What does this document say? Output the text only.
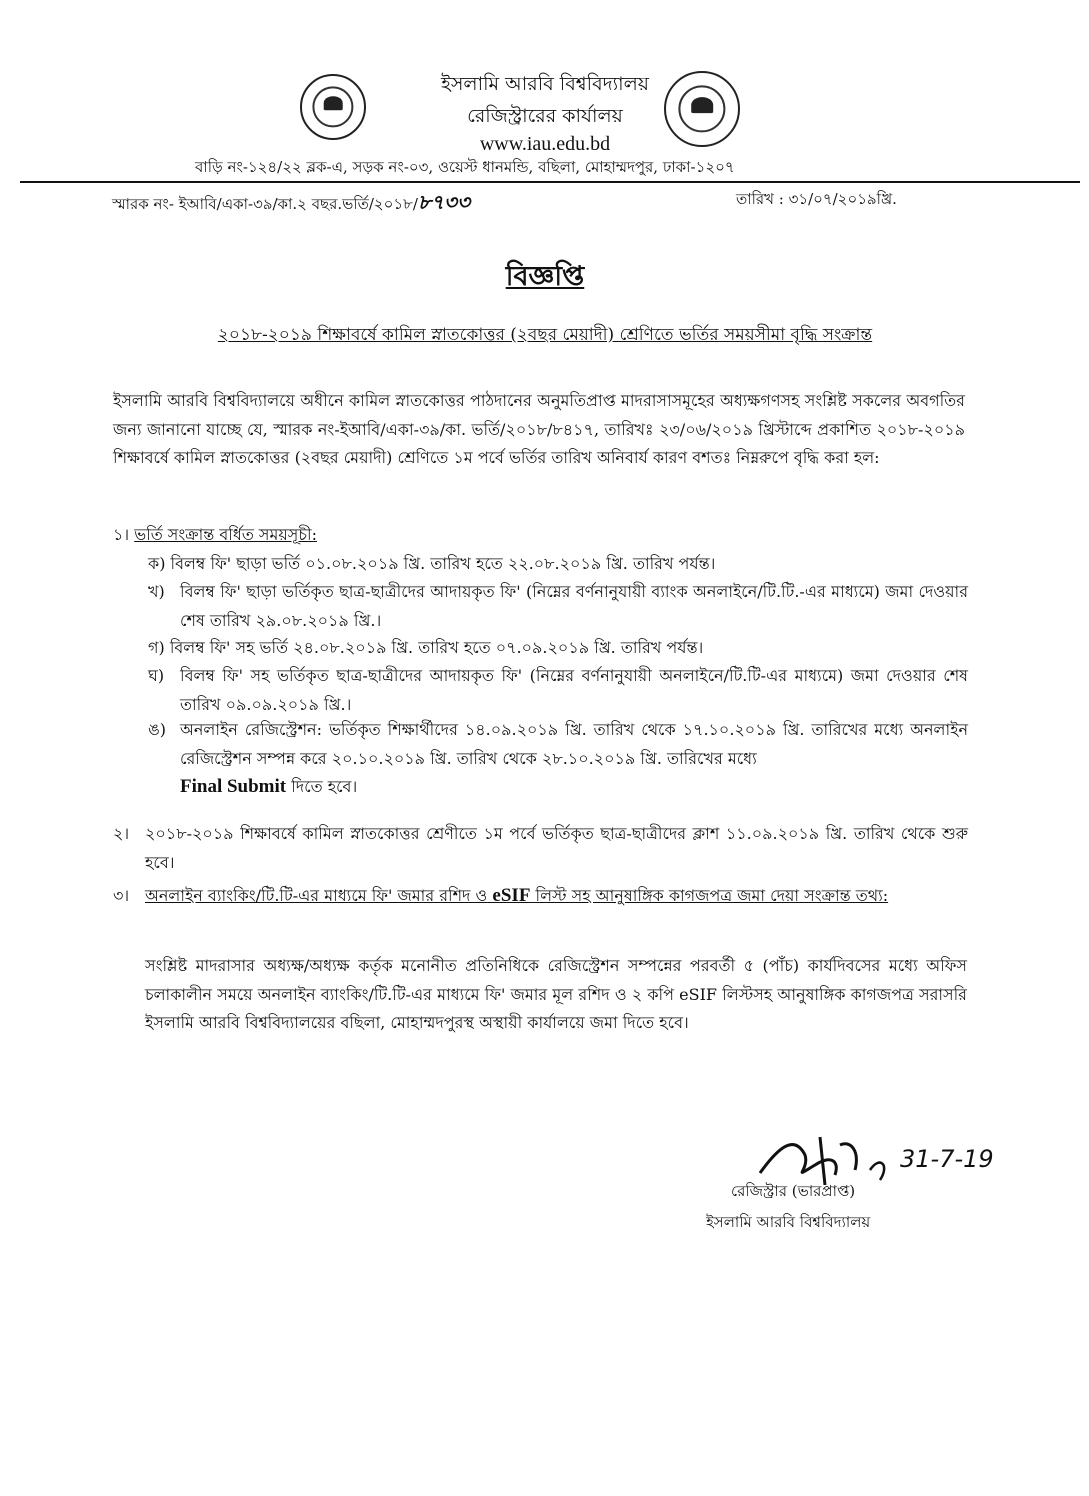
ইসলামি আরবি বিশ্ববিদ্যালয়
রেজিস্ট্রারের কার্যালয়
www.iau.edu.bd
বাড়ি নং-১২৪/২২ ব্লক-এ, সড়ক নং-০৩, ওয়েস্ট ধানমন্ডি, বছিলা, মোহাম্মদপুর, ঢাকা-১২০৭
স্মারক নং- ইআবি/একা-৩৯/কা.২ বছর.ভর্তি/২০১৮/৮৭৩৩	তারিখ : ৩১/০৭/২০১৯খ্রি.
বিজ্ঞপ্তি
২০১৮-২০১৯ শিক্ষাবর্ষে কামিল স্নাতকোত্তর (২বছর মেয়াদী) শ্রেণিতে ভর্তির সময়সীমা বৃদ্ধি সংক্রান্ত
ইসলামি আরবি বিশ্ববিদ্যালয়ে অধীনে কামিল স্নাতকোত্তর পাঠদানের অনুমতিপ্রাপ্ত মাদরাসাসমূহের অধ্যক্ষগণসহ সংশ্লিষ্ট সকলের অবগতির জন্য জানানো যাচ্ছে যে, স্মারক নং-ইআবি/একা-৩৯/কা. ভর্তি/২০১৮/৮৪১৭, তারিখঃ ২৩/০৬/২০১৯ খ্রিস্টাব্দে প্রকাশিত ২০১৮-২০১৯ শিক্ষাবর্ষে কামিল স্নাতকোত্তর (২বছর মেয়াদী) শ্রেণিতে ১ম পর্বে ভর্তির তারিখ অনিবার্য কারণ বশতঃ নিম্নরুপে বৃদ্ধি করা হল:
১। ভর্তি সংক্রান্ত বর্ধিত সময়সূচী:
ক) বিলম্ব ফি' ছাড়া ভর্তি ০১.০৮.২০১৯ খ্রি. তারিখ হতে ২২.০৮.২০১৯ খ্রি. তারিখ পর্যন্ত।
খ) বিলম্ব ফি' ছাড়া ভর্তিকৃত ছাত্র-ছাত্রীদের আদায়কৃত ফি' (নিম্নের বর্ণনানুযায়ী ব্যাংক অনলাইনে/টি.টি.-এর মাধ্যমে) জমা দেওয়ার শেষ তারিখ ২৯.০৮.২০১৯ খ্রি.।
গ) বিলম্ব ফি' সহ ভর্তি ২৪.০৮.২০১৯ খ্রি. তারিখ হতে ০৭.০৯.২০১৯ খ্রি. তারিখ পর্যন্ত।
ঘ) বিলম্ব ফি' সহ ভর্তিকৃত ছাত্র-ছাত্রীদের আদায়কৃত ফি' (নিম্নের বর্ণনানুযায়ী অনলাইনে/টি.টি-এর মাধ্যমে) জমা দেওয়ার শেষ তারিখ ০৯.০৯.২০১৯ খ্রি.।
ঙ) অনলাইন রেজিস্ট্রেশন: ভর্তিকৃত শিক্ষার্থীদের ১৪.০৯.২০১৯ খ্রি. তারিখ থেকে ১৭.১০.২০১৯ খ্রি. তারিখের মধ্যে অনলাইন রেজিস্ট্রেশন সম্পন্ন করে ২০.১০.২০১৯ খ্রি. তারিখ থেকে ২৮.১০.২০১৯ খ্রি. তারিখের মধ্যে
Final Submit দিতে হবে।
২। ২০১৮-২০১৯ শিক্ষাবর্ষে কামিল স্নাতকোত্তর শ্রেণীতে ১ম পর্বে ভর্তিকৃত ছাত্র-ছাত্রীদের ক্লাশ ১১.০৯.২০১৯ খ্রি. তারিখ থেকে শুরু হবে।
৩। অনলাইন ব্যাংকিং/টি.টি-এর মাধ্যমে ফি' জমার রশিদ ও eSIF লিস্ট সহ আনুষাঙ্গিক কাগজপত্র জমা দেয়া সংক্রান্ত তথ্য:
সংশ্লিষ্ট মাদরাসার অধ্যক্ষ/অধ্যক্ষ কর্তৃক মনোনীত প্রতিনিধিকে রেজিস্ট্রেশন সম্পন্নের পরবর্তী ৫ (পাঁচ) কার্যদিবসের মধ্যে অফিস চলাকালীন সময়ে অনলাইন ব্যাংকিং/টি.টি-এর মাধ্যমে ফি' জমার মূল রশিদ ও ২ কপি eSIF লিস্টসহ আনুষাঙ্গিক কাগজপত্র সরাসরি ইসলামি আরবি বিশ্ববিদ্যালয়ের বছিলা, মোহাম্মদপুরস্থ অস্থায়ী কার্যালয়ে জমা দিতে হবে।
31-7-19
রেজিস্ট্রার (ভারপ্রাপ্ত)
ইসলামি আরবি বিশ্ববিদ্যালয়
